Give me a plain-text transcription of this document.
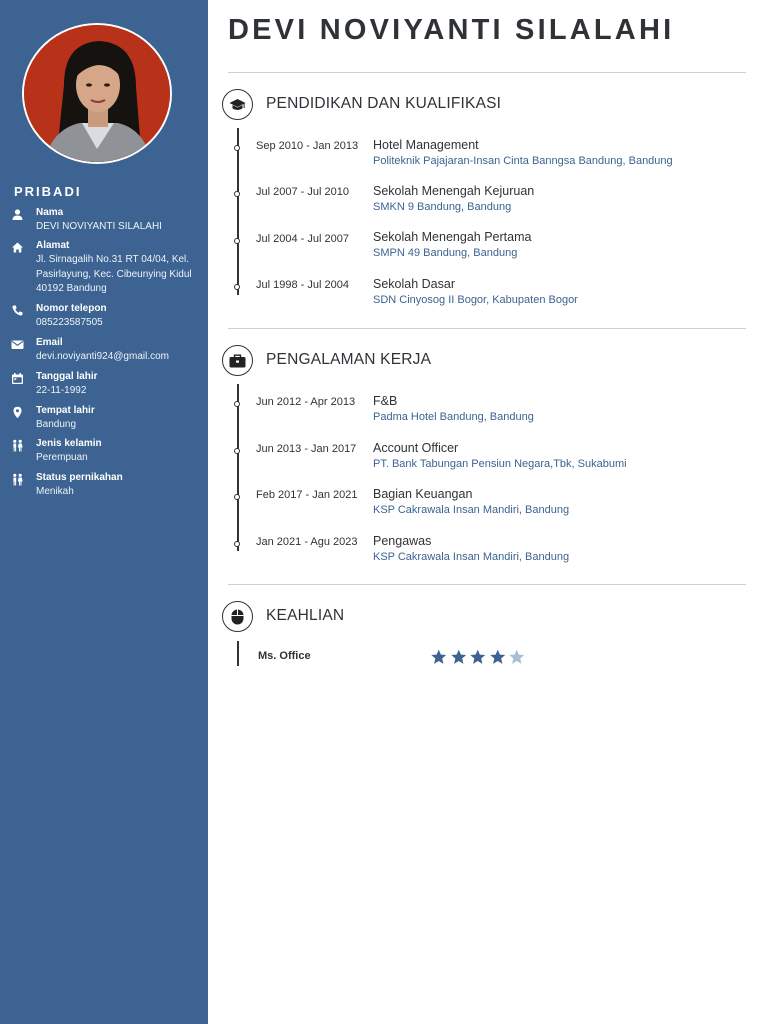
PRIBADI
Nama
DEVI NOVIYANTI SILALAHI
Alamat
Jl. Sirnagalih No.31 RT 04/04, Kel. Pasirlayung, Kec. Cibeunying Kidul 40192 Bandung
Nomor telepon
085223587505
Email
devi.noviyanti924@gmail.com
Tanggal lahir
22-11-1992
Tempat lahir
Bandung
Jenis kelamin
Perempuan
Status pernikahan
Menikah
DEVI NOVIYANTI SILALAHI
PENDIDIKAN DAN KUALIFIKASI
Sep 2010 - Jan 2013 Hotel Management
Politeknik Pajajaran-Insan Cinta Banngsa Bandung, Bandung
Jul 2007 - Jul 2010 Sekolah Menengah Kejuruan
SMKN 9 Bandung, Bandung
Jul 2004 - Jul 2007 Sekolah Menengah Pertama
SMPN 49 Bandung, Bandung
Jul 1998 - Jul 2004 Sekolah Dasar
SDN Cinyosog II Bogor, Kabupaten Bogor
PENGALAMAN KERJA
Jun 2012 - Apr 2013 F&B
Padma Hotel Bandung, Bandung
Jun 2013 - Jan 2017 Account Officer
PT. Bank Tabungan Pensiun Negara,Tbk, Sukabumi
Feb 2017 - Jan 2021 Bagian Keuangan
KSP Cakrawala Insan Mandiri, Bandung
Jan 2021 - Agu 2023 Pengawas
KSP Cakrawala Insan Mandiri, Bandung
KEAHLIAN
Ms. Office
